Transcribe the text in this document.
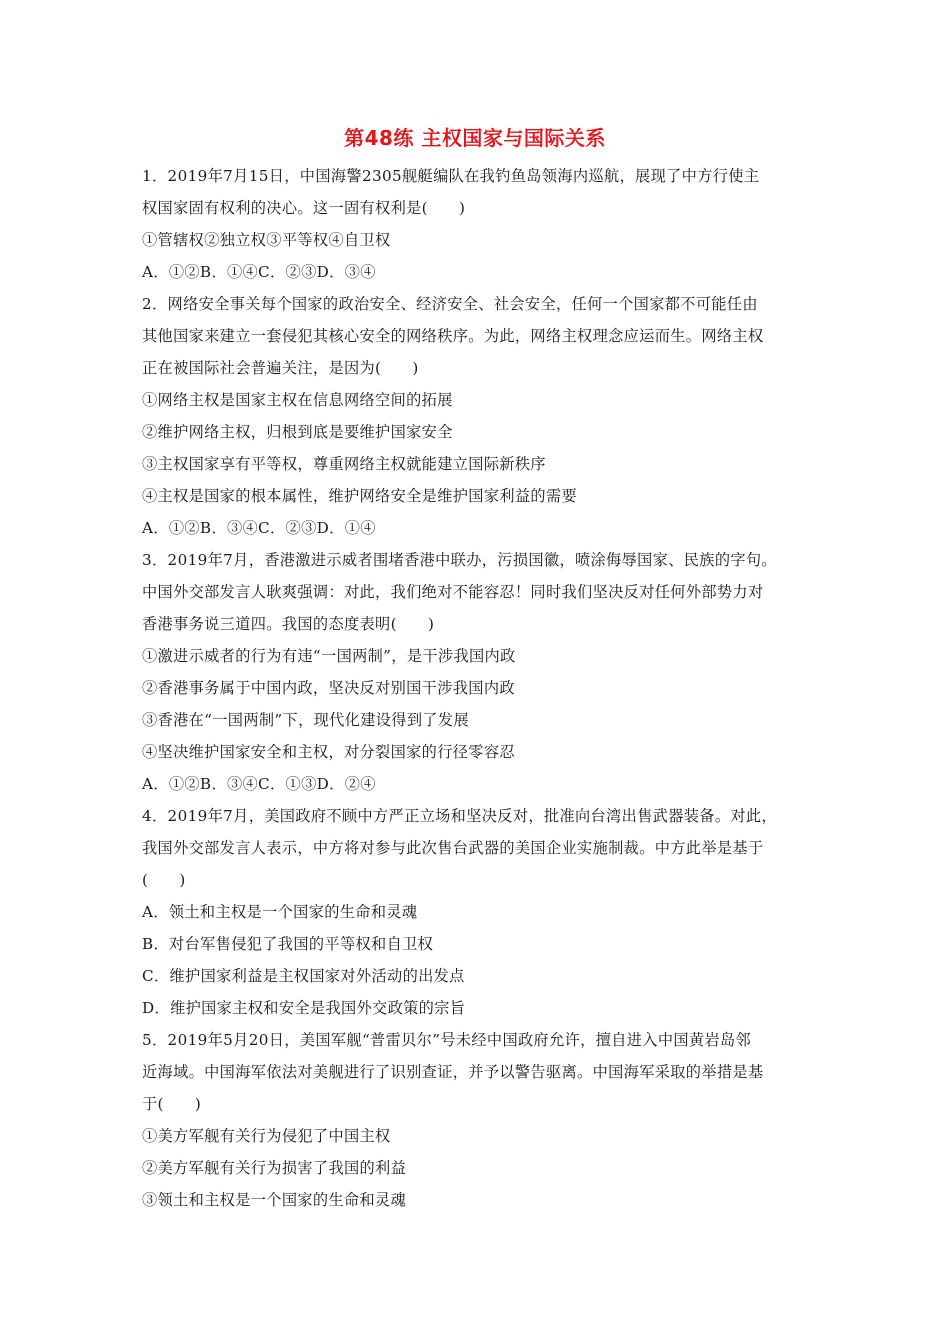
第48练 主权国家与国际关系
1．2019年7月15日，中国海警2305舰艇编队在我钓鱼岛领海内巡航，展现了中方行使主
权国家固有权利的决心。这一固有权利是(　　)
①管辖权②独立权③平等权④自卫权
A．①②B．①④C．②③D．③④
2．网络安全事关每个国家的政治安全、经济安全、社会安全，任何一个国家都不可能任由
其他国家来建立一套侵犯其核心安全的网络秩序。为此，网络主权理念应运而生。网络主权
正在被国际社会普遍关注，是因为(　　)
①网络主权是国家主权在信息网络空间的拓展
②维护网络主权，归根到底是要维护国家安全
③主权国家享有平等权，尊重网络主权就能建立国际新秩序
④主权是国家的根本属性，维护网络安全是维护国家利益的需要
A．①②B．③④C．②③D．①④
3．2019年7月，香港激进示威者围堵香港中联办，污损国徽，喷涂侮辱国家、民族的字句。
中国外交部发言人耿爽强调：对此，我们绝对不能容忍！同时我们坚决反对任何外部势力对
香港事务说三道四。我国的态度表明(　　)
①激进示威者的行为有违“一国两制”，是干涉我国内政
②香港事务属于中国内政，坚决反对别国干涉我国内政
③香港在“一国两制”下，现代化建设得到了发展
④坚决维护国家安全和主权，对分裂国家的行径零容忍
A．①②B．③④C．①③D．②④
4．2019年7月，美国政府不顾中方严正立场和坚决反对，批准向台湾出售武器装备。对此，
我国外交部发言人表示，中方将对参与此次售台武器的美国企业实施制裁。中方此举是基于
(　　)
A．领土和主权是一个国家的生命和灵魂
B．对台军售侵犯了我国的平等权和自卫权
C．维护国家利益是主权国家对外活动的出发点
D．维护国家主权和安全是我国外交政策的宗旨
5．2019年5月20日，美国军舰“普雷贝尔”号未经中国政府允许，擅自进入中国黄岩岛邻
近海域。中国海军依法对美舰进行了识别查证，并予以警告驱离。中国海军采取的举措是基
于(　　)
①美方军舰有关行为侵犯了中国主权
②美方军舰有关行为损害了我国的利益
③领土和主权是一个国家的生命和灵魂
